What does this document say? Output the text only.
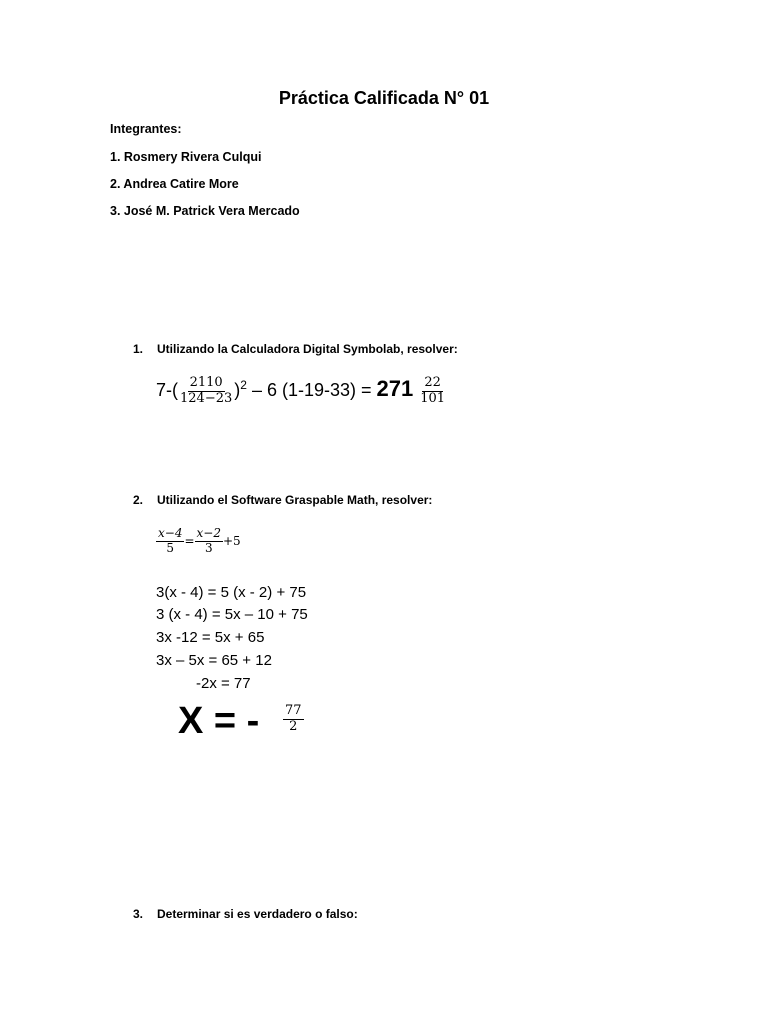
Práctica Calificada N° 01
Integrantes:
1. Rosmery Rivera Culqui
2. Andrea Catire More
3. José M. Patrick Vera Mercado
1. Utilizando la Calculadora Digital Symbolab, resolver:
$7-( \frac{2110}{124-23} )^2 - 6$ $(1-19-33) = 271 \frac{22}{101}$
2. Utilizando el Software Graspable Math, resolver:
$\frac{x-4}{5} = \frac{x-2}{3} +5$
3(x - 4) = 5 (x - 2) + 75
3 (x - 4) = 5x – 10 + 75
3x -12 = 5x + 65
3x – 5x = 65 + 12
-2x = 77
X = - $\frac{77}{2}$
3. Determinar si es verdadero o falso:
